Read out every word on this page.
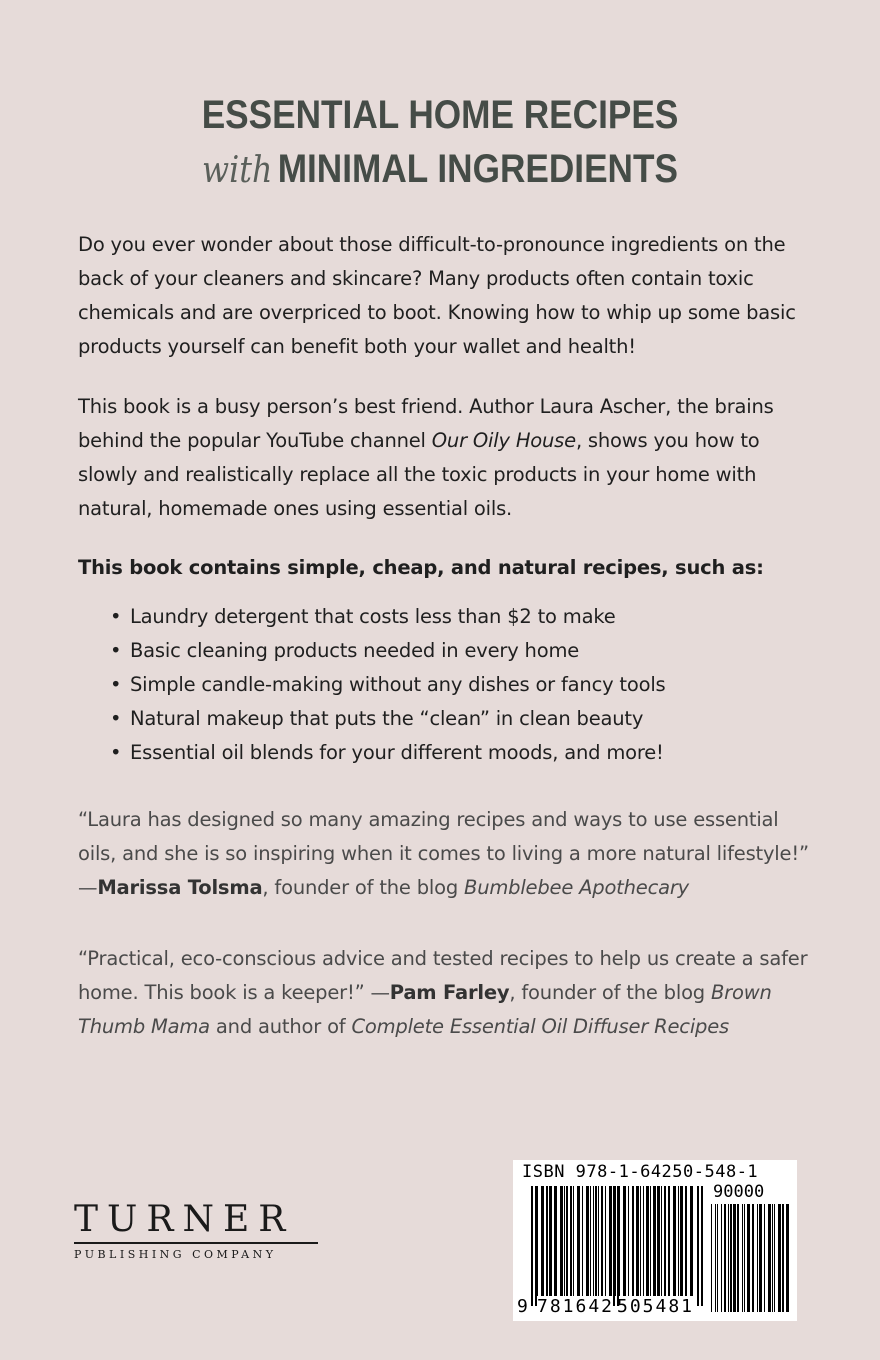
ESSENTIAL HOME RECIPES
with MINIMAL INGREDIENTS
Do you ever wonder about those difficult-to-pronounce ingredients on the back of your cleaners and skincare? Many products often contain toxic chemicals and are overpriced to boot. Knowing how to whip up some basic products yourself can benefit both your wallet and health!
This book is a busy person’s best friend. Author Laura Ascher, the brains behind the popular YouTube channel Our Oily House, shows you how to slowly and realistically replace all the toxic products in your home with natural, homemade ones using essential oils.
This book contains simple, cheap, and natural recipes, such as:
• Laundry detergent that costs less than $2 to make
• Basic cleaning products needed in every home
• Simple candle-making without any dishes or fancy tools
• Natural makeup that puts the “clean” in clean beauty
• Essential oil blends for your different moods, and more!
“Laura has designed so many amazing recipes and ways to use essential oils, and she is so inspiring when it comes to living a more natural lifestyle!” —Marissa Tolsma, founder of the blog Bumblebee Apothecary
“Practical, eco-conscious advice and tested recipes to help us create a safer home. This book is a keeper!” —Pam Farley, founder of the blog Brown Thumb Mama and author of Complete Essential Oil Diffuser Recipes
TURNER
PUBLISHING COMPANY
ISBN 978-1-64250-548-1
90000
9 781642 505481
